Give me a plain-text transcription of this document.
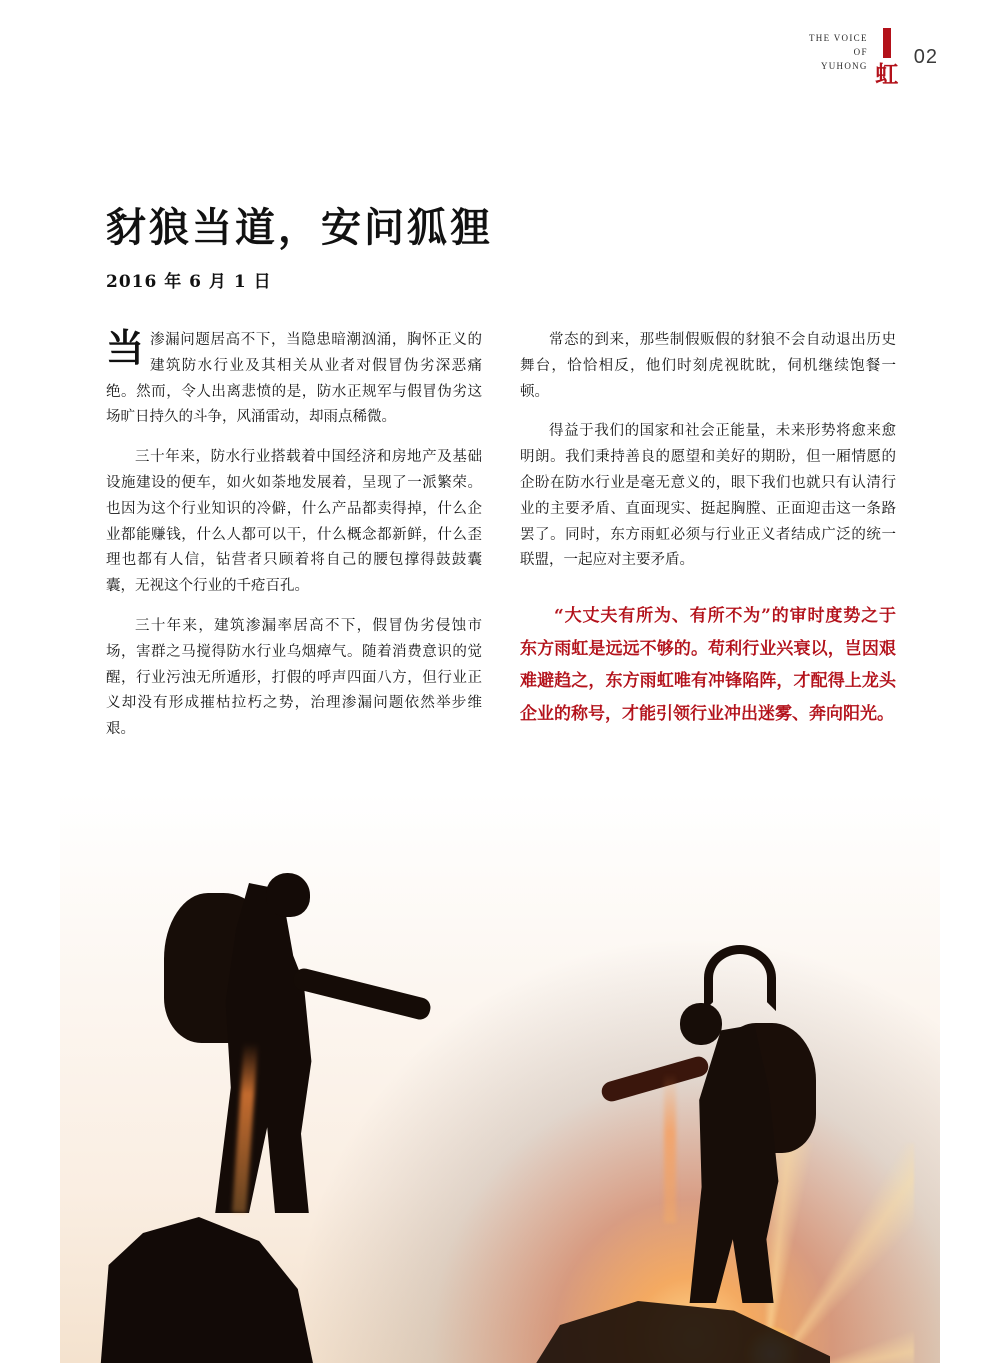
THE VOICE
OF
YUHONG 虹
02
豺狼当道，安问狐狸
2016 年 6 月 1 日

当渗漏问题居高不下，当隐患暗潮汹涌，胸怀正义的建筑防水行业及其相关从业者对假冒伪劣深恶痛绝。然而，令人出离悲愤的是，防水正规军与假冒伪劣这场旷日持久的斗争，风涌雷动，却雨点稀微。

三十年来，防水行业搭载着中国经济和房地产及基础设施建设的便车，如火如荼地发展着，呈现了一派繁荣。也因为这个行业知识的冷僻，什么产品都卖得掉，什么企业都能赚钱，什么人都可以干，什么概念都新鲜，什么歪理也都有人信，钻营者只顾着将自己的腰包撑得鼓鼓囊囊，无视这个行业的千疮百孔。

三十年来，建筑渗漏率居高不下，假冒伪劣侵蚀市场，害群之马搅得防水行业乌烟瘴气。随着消费意识的觉醒，行业污浊无所遁形，打假的呼声四面八方，但行业正义却没有形成摧枯拉朽之势，治理渗漏问题依然举步维艰。

常态的到来，那些制假贩假的豺狼不会自动退出历史舞台，恰恰相反，他们时刻虎视眈眈，伺机继续饱餐一顿。

得益于我们的国家和社会正能量，未来形势将愈来愈明朗。我们秉持善良的愿望和美好的期盼，但一厢情愿的企盼在防水行业是毫无意义的，眼下我们也就只有认清行业的主要矛盾、直面现实、挺起胸膛、正面迎击这一条路罢了。同时，东方雨虹必须与行业正义者结成广泛的统一联盟，一起应对主要矛盾。

“大丈夫有所为、有所不为”的审时度势之于东方雨虹是远远不够的。苟利行业兴衰以，岂因艰难避趋之，东方雨虹唯有冲锋陷阵，才配得上龙头企业的称号，才能引领行业冲出迷雾、奔向阳光。
